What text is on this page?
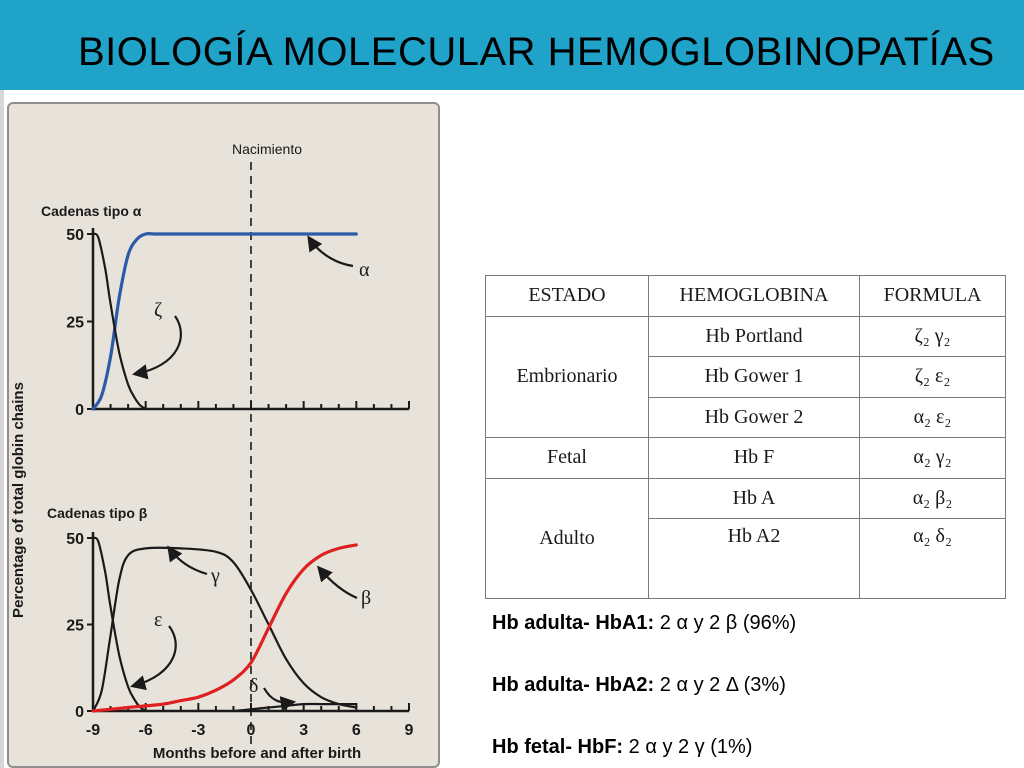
BIOLOGÍA MOLECULAR HEMOGLOBINOPATÍAS
Percentage of total globin chains
Months before and after birth
Nacimiento
Cadenas tipo α
Cadenas tipo β
α
ζ
γ
ε
β
δ
50
25
0
50
25
0
-9 -6 -3	0	3	6	9
ESTADO	HEMOGLOBINA	FORMULA
Embrionario	Hb Portland	ζ₂ γ₂
	Hb Gower 1	ζ₂ ε₂
	Hb Gower 2	α₂ ε₂
Fetal	Hb F	α₂ γ₂
Adulto	Hb A	α₂ β₂
	Hb A2	α₂ δ₂
Hb adulta- HbA1: 2 α y 2 β (96%)
Hb adulta- HbA2: 2 α y 2 Δ (3%)
Hb fetal- HbF: 2 α y 2 γ (1%)
